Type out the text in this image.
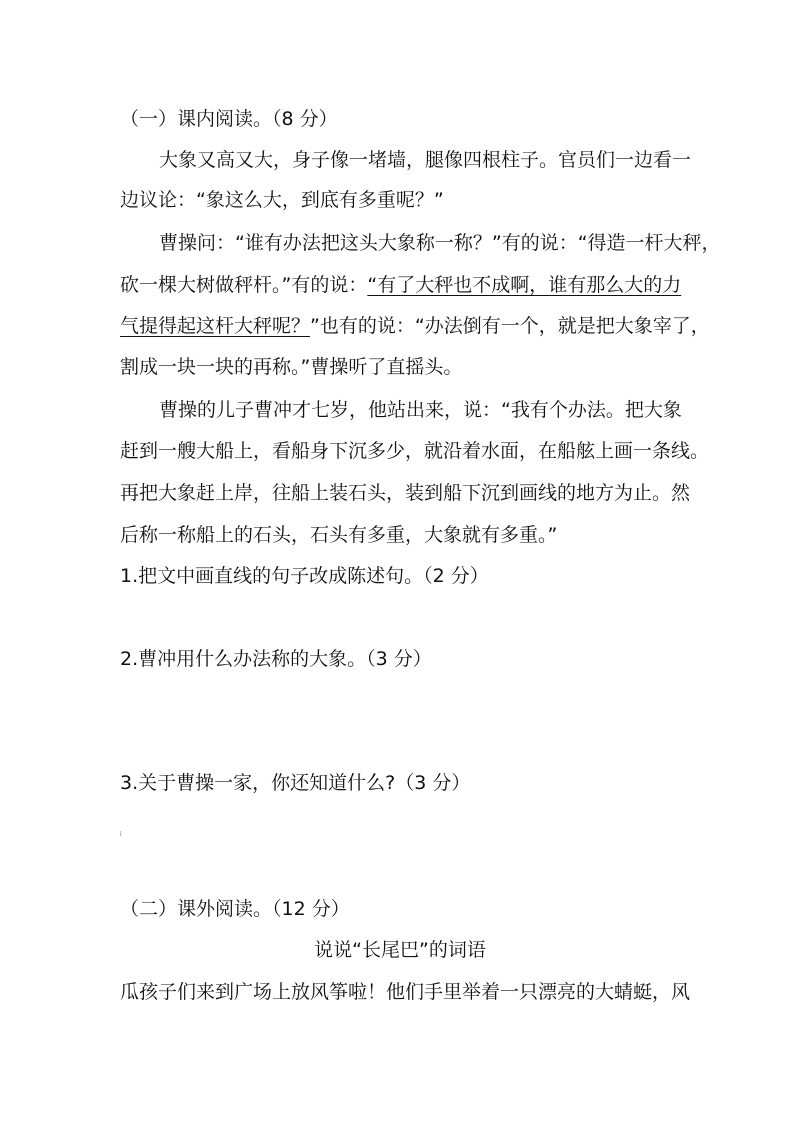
（一）课内阅读。（8 分）
大象又高又大，身子像一堵墙，腿像四根柱子。官员们一边看一
边议论：“象这么大，到底有多重呢？”
曹操问：“谁有办法把这头大象称一称？”有的说：“得造一杆大秤，
砍一棵大树做秤杆。”有的说：“有了大秤也不成啊，谁有那么大的力
气提得起这杆大秤呢？”也有的说：“办法倒有一个，就是把大象宰了，
割成一块一块的再称。”曹操听了直摇头。
曹操的儿子曹冲才七岁，他站出来，说：“我有个办法。把大象
赶到一艘大船上，看船身下沉多少，就沿着水面，在船舷上画一条线。
再把大象赶上岸，往船上装石头，装到船下沉到画线的地方为止。然
后称一称船上的石头，石头有多重，大象就有多重。”
1.把文中画直线的句子改成陈述句。（2 分）
2.曹冲用什么办法称的大象。（3 分）
3.关于曹操一家，你还知道什么?（3 分）
i
（二）课外阅读。（12 分）
说说“长尾巴”的词语
瓜孩子们来到广场上放风筝啦！他们手里举着一只漂亮的大蜻蜓，风
